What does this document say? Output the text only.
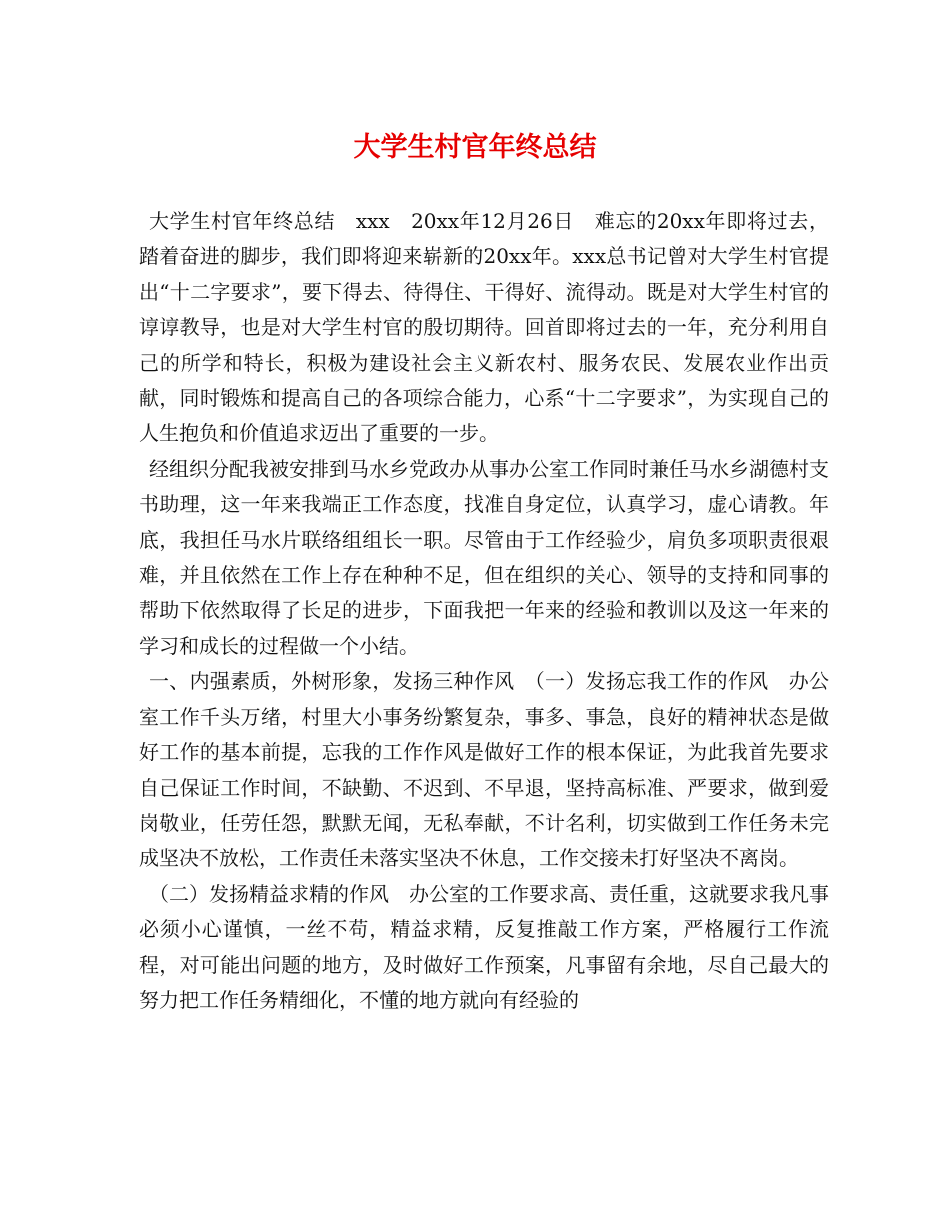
大学生村官年终总结

大学生村官年终总结　xxx　20xx年12月26日　难忘的20xx年即将过去，踏着奋进的脚步，我们即将迎来崭新的20xx年。xxx总书记曾对大学生村官提出“十二字要求”，要下得去、待得住、干得好、流得动。既是对大学生村官的谆谆教导，也是对大学生村官的殷切期待。回首即将过去的一年，充分利用自己的所学和特长，积极为建设社会主义新农村、服务农民、发展农业作出贡献，同时锻炼和提高自己的各项综合能力，心系“十二字要求”，为实现自己的人生抱负和价值追求迈出了重要的一步。

经组织分配我被安排到马水乡党政办从事办公室工作同时兼任马水乡湖德村支书助理，这一年来我端正工作态度，找准自身定位，认真学习，虚心请教。年底，我担任马水片联络组组长一职。尽管由于工作经验少，肩负多项职责很艰难，并且依然在工作上存在种种不足，但在组织的关心、领导的支持和同事的帮助下依然取得了长足的进步，下面我把一年来的经验和教训以及这一年来的学习和成长的过程做一个小结。

一、内强素质，外树形象，发扬三种作风　（一）发扬忘我工作的作风　办公室工作千头万绪，村里大小事务纷繁复杂，事多、事急，良好的精神状态是做好工作的基本前提，忘我的工作作风是做好工作的根本保证，为此我首先要求自己保证工作时间，不缺勤、不迟到、不早退，坚持高标准、严要求，做到爱岗敬业，任劳任怨，默默无闻，无私奉献，不计名利，切实做到工作任务未完成坚决不放松，工作责任未落实坚决不休息，工作交接未打好坚决不离岗。

（二）发扬精益求精的作风　办公室的工作要求高、责任重，这就要求我凡事必须小心谨慎，一丝不苟，精益求精，反复推敲工作方案，严格履行工作流程，对可能出问题的地方，及时做好工作预案，凡事留有余地，尽自己最大的努力把工作任务精细化，不懂的地方就向有经验的
